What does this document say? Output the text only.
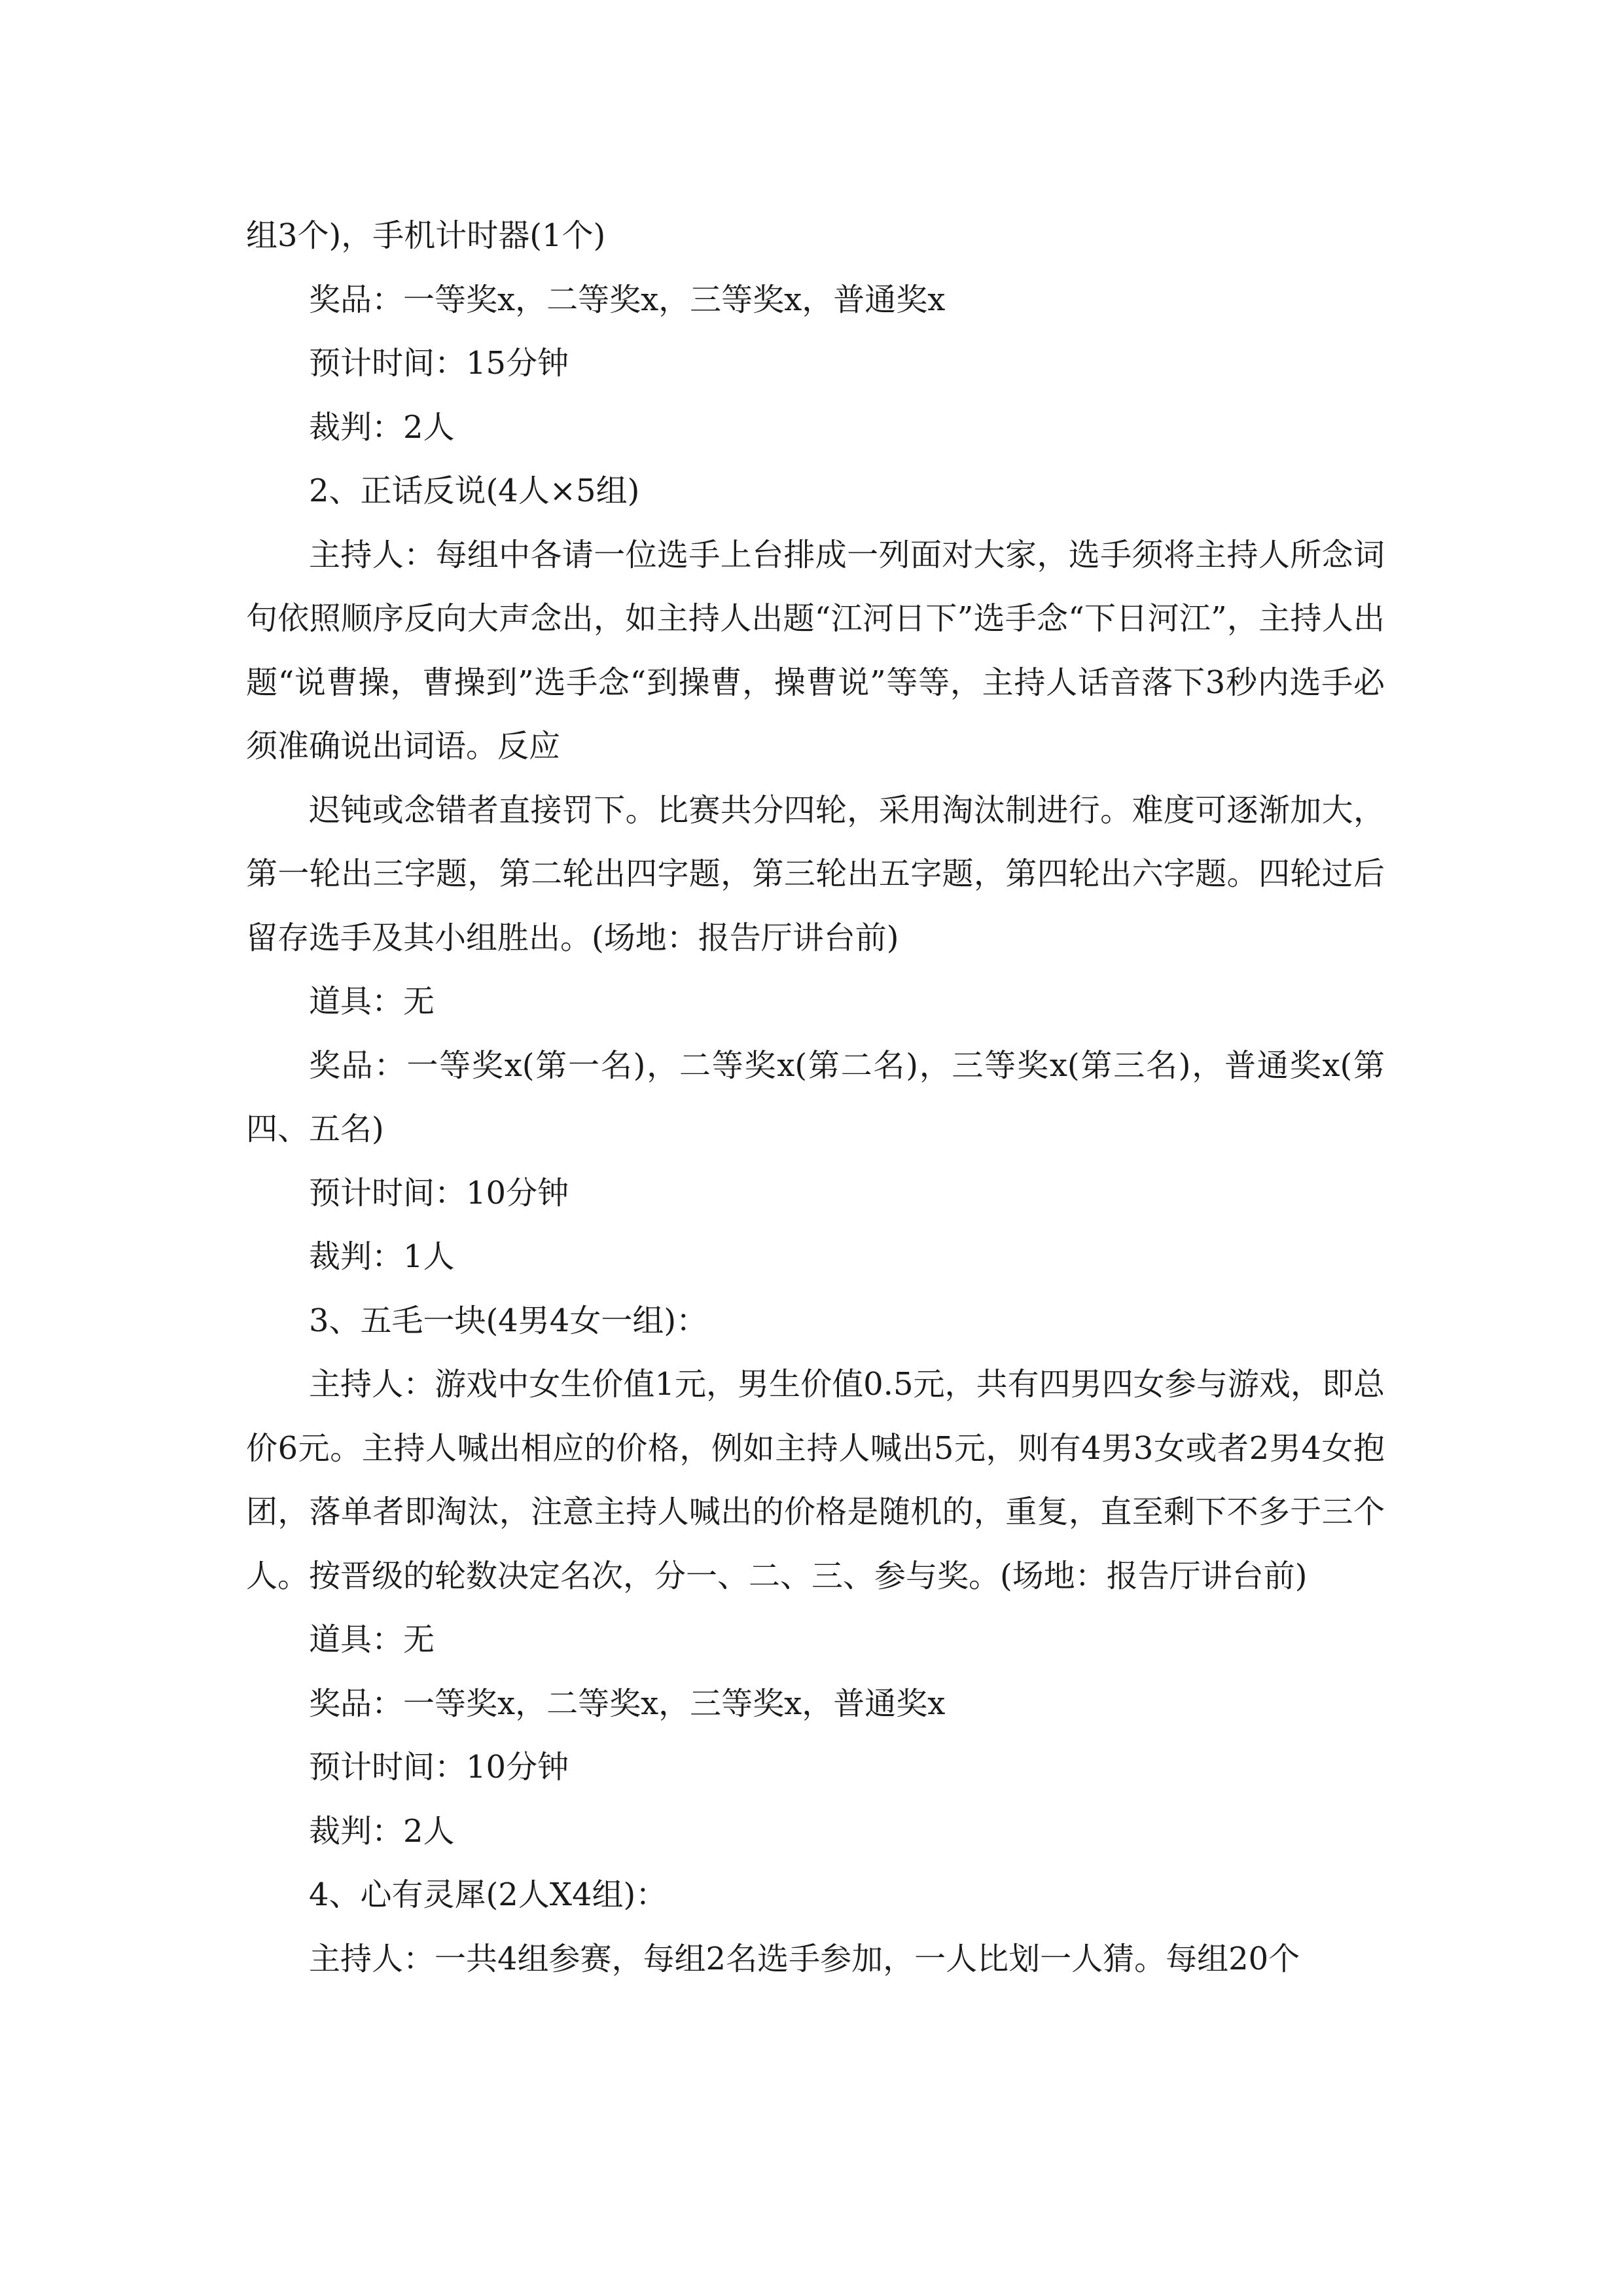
组3个)，手机计时器(1个)

奖品：一等奖x，二等奖x，三等奖x，普通奖x

预计时间：15分钟

裁判：2人

2、正话反说(4人×5组)

主持人：每组中各请一位选手上台排成一列面对大家，选手须将主持人所念词句依照顺序反向大声念出，如主持人出题“江河日下”选手念“下日河江”，主持人出题“说曹操，曹操到”选手念“到操曹，操曹说”等等，主持人话音落下3秒内选手必须准确说出词语。反应

迟钝或念错者直接罚下。比赛共分四轮，采用淘汰制进行。难度可逐渐加大，第一轮出三字题，第二轮出四字题，第三轮出五字题，第四轮出六字题。四轮过后留存选手及其小组胜出。(场地：报告厅讲台前)

道具：无

奖品：一等奖x(第一名)，二等奖x(第二名)，三等奖x(第三名)，普通奖x(第四、五名)

预计时间：10分钟

裁判：1人

3、五毛一块(4男4女一组)：

主持人：游戏中女生价值1元，男生价值0.5元，共有四男四女参与游戏，即总价6元。主持人喊出相应的价格，例如主持人喊出5元，则有4男3女或者2男4女抱团，落单者即淘汰，注意主持人喊出的价格是随机的，重复，直至剩下不多于三个人。按晋级的轮数决定名次，分一、二、三、参与奖。(场地：报告厅讲台前)

道具：无

奖品：一等奖x，二等奖x，三等奖x，普通奖x

预计时间：10分钟

裁判：2人

4、心有灵犀(2人X4组)：

主持人：一共4组参赛，每组2名选手参加，一人比划一人猜。每组20个
